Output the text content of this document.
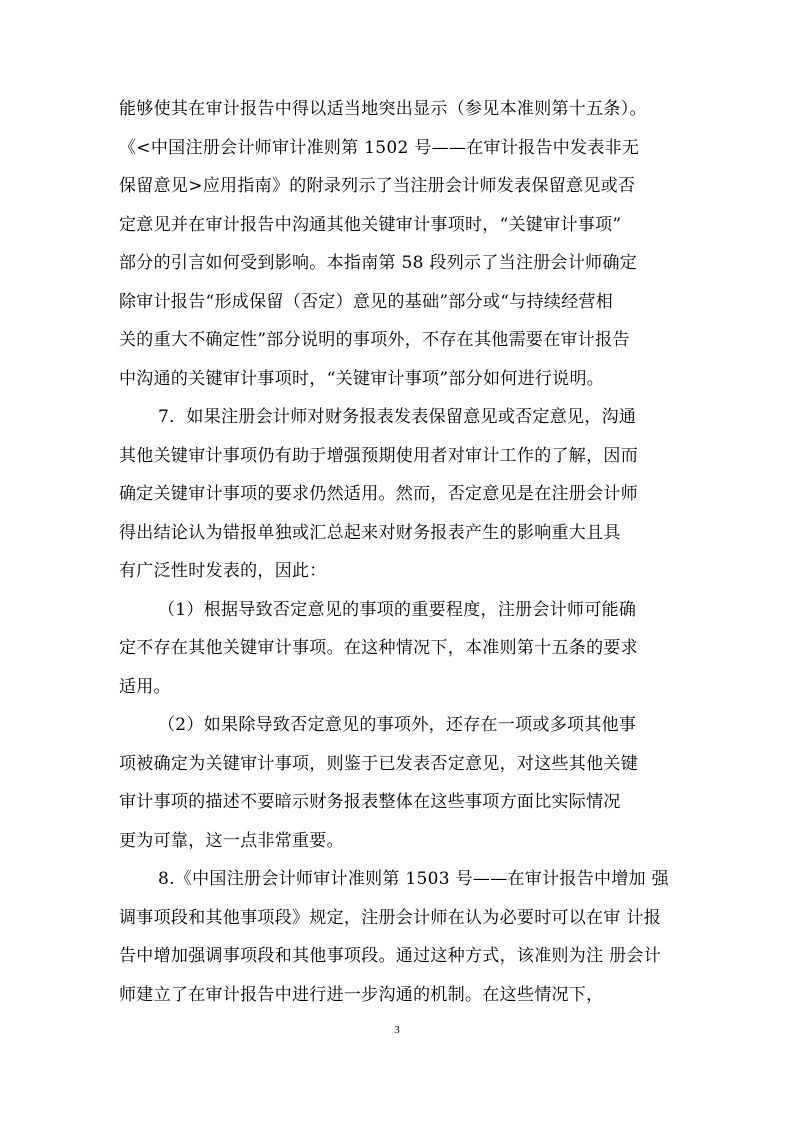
能够使其在审计报告中得以适当地突出显示（参见本准则第十五条）。
《<中国注册会计师审计准则第 1502 号——在审计报告中发表非无
保留意见>应用指南》的附录列示了当注册会计师发表保留意见或否
定意见并在审计报告中沟通其他关键审计事项时，“关键审计事项”
部分的引言如何受到影响。本指南第 58 段列示了当注册会计师确定
除审计报告“形成保留（否定）意见的基础”部分或“与持续经营相
关的重大不确定性”部分说明的事项外，不存在其他需要在审计报告
中沟通的关键审计事项时，“关键审计事项”部分如何进行说明。
7．如果注册会计师对财务报表发表保留意见或否定意见，沟通
其他关键审计事项仍有助于增强预期使用者对审计工作的了解，因而
确定关键审计事项的要求仍然适用。然而，否定意见是在注册会计师
得出结论认为错报单独或汇总起来对财务报表产生的影响重大且具
有广泛性时发表的，因此：
（1）根据导致否定意见的事项的重要程度，注册会计师可能确
定不存在其他关键审计事项。在这种情况下，本准则第十五条的要求
适用。
（2）如果除导致否定意见的事项外，还存在一项或多项其他事
项被确定为关键审计事项，则鉴于已发表否定意见，对这些其他关键
审计事项的描述不要暗示财务报表整体在这些事项方面比实际情况
更为可靠，这一点非常重要。
8.《中国注册会计师审计准则第 1503 号——在审计报告中增加 强
调事项段和其他事项段》规定，注册会计师在认为必要时可以在审 计报
告中增加强调事项段和其他事项段。通过这种方式，该准则为注 册会计
师建立了在审计报告中进行进一步沟通的机制。在这些情况下，
3
